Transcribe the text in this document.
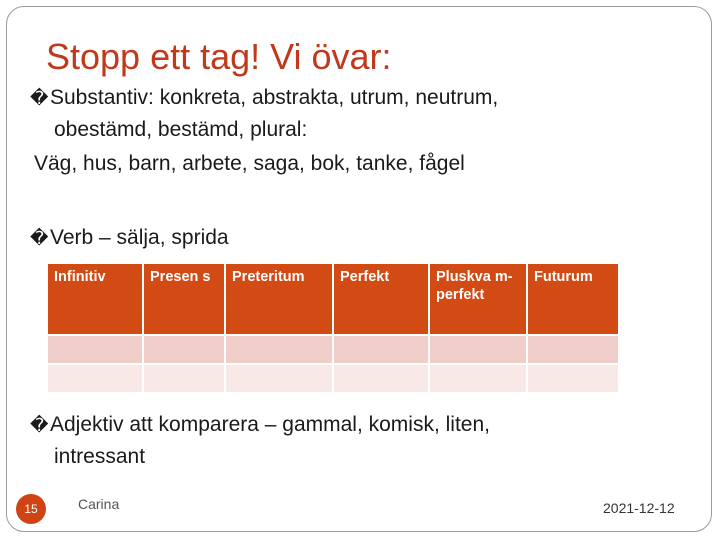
Stopp ett tag! Vi övar:
�Substantiv: konkreta, abstrakta, utrum, neutrum,
obestämd, bestämd, plural:
Väg, hus, barn, arbete, saga, bok, tanke, fågel
�Verb – sälja, sprida
Infinitiv	Presen s	Preteritum	Perfekt	Pluskva m- perfekt	Futurum

�Adjektiv att komparera – gammal, komisk, liten,
intressant
15	Carina	2021-12-12
